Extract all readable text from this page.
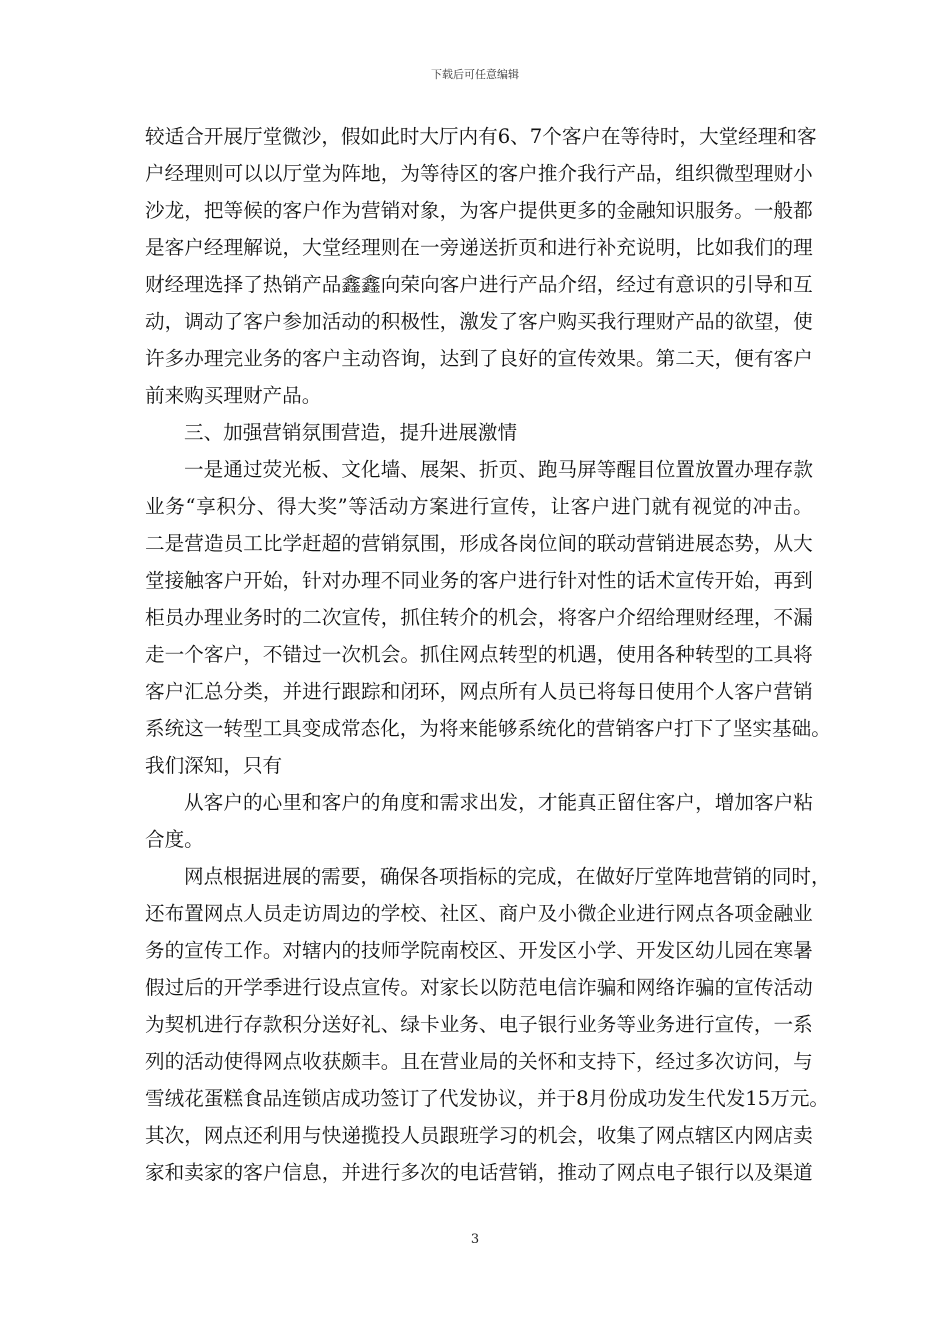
下载后可任意编辑
较 适 合 开 展 厅 堂 微 沙 ， 假 如 此 时 大 厅 内 有 6 、 7 个 客 户 在 等 待 时 ， 大 堂 经 理 和 客
户 经 理 则 可 以 以 厅 堂 为 阵 地 ， 为 等 待 区 的 客 户 推 介 我 行 产 品 ， 组 织 微 型 理 财 小
沙 龙 ， 把 等 候 的 客 户 作 为 营 销 对 象 ， 为 客 户 提 供 更 多 的 金 融 知 识 服 务 。 一 般 都
是 客 户 经 理 解 说 ， 大 堂 经 理 则 在 一 旁 递 送 折 页 和 进 行 补 充 说 明 ， 比 如 我 们 的 理
财 经 理 选 择 了 热 销 产 品 鑫 鑫 向 荣 向 客 户 进 行 产 品 介 绍 ， 经 过 有 意 识 的 引 导 和 互
动 ， 调 动 了 客 户 参 加 活 动 的 积 极 性 ， 激 发 了 客 户 购 买 我 行 理 财 产 品 的 欲 望 ， 使
许 多 办 理 完 业 务 的 客 户 主 动 咨 询 ， 达 到 了 良 好 的 宣 传 效 果 。 第 二 天 ， 便 有 客 户
前来购买理财产品。
三、加强营销氛围营造，提升进展激情
一 是 通 过 荧 光 板 、 文 化 墙 、 展 架 、 折 页 、 跑 马 屏 等 醒 目 位 置 放 置 办 理 存 款
业 务 “ 享 积 分 、 得 大 奖 ” 等 活 动 方 案 进 行 宣 传 ， 让 客 户 进 门 就 有 视 觉 的 冲 击 。
二 是 营 造 员 工 比 学 赶 超 的 营 销 氛 围 ， 形 成 各 岗 位 间 的 联 动 营 销 进 展 态 势 ， 从 大
堂 接 触 客 户 开 始 ， 针 对 办 理 不 同 业 务 的 客 户 进 行 针 对 性 的 话 术 宣 传 开 始 ， 再 到
柜 员 办 理 业 务 时 的 二 次 宣 传 ， 抓 住 转 介 的 机 会 ， 将 客 户 介 绍 给 理 财 经 理 ， 不 漏
走 一 个 客 户 ， 不 错 过 一 次 机 会 。 抓 住 网 点 转 型 的 机 遇 ， 使 用 各 种 转 型 的 工 具 将
客 户 汇 总 分 类 ， 并 进 行 跟 踪 和 闭 环 ， 网 点 所 有 人 员 已 将 每 日 使 用 个 人 客 户 营 销
系 统 这 一 转 型 工 具 变 成 常 态 化 ， 为 将 来 能 够 系 统 化 的 营 销 客 户 打 下 了 坚 实 基 础 。
我们深知，只有
从 客 户 的 心 里 和 客 户 的 角 度 和 需 求 出 发 ， 才 能 真 正 留 住 客 户 ， 增 加 客 户 粘
合度。
网 点 根 据 进 展 的 需 要 ， 确 保 各 项 指 标 的 完 成 ， 在 做 好 厅 堂 阵 地 营 销 的 同 时 ，
还 布 置 网 点 人 员 走 访 周 边 的 学 校 、 社 区 、 商 户 及 小 微 企 业 进 行 网 点 各 项 金 融 业
务 的 宣 传 工 作 。 对 辖 内 的 技 师 学 院 南 校 区 、 开 发 区 小 学 、 开 发 区 幼 儿 园 在 寒 暑
假 过 后 的 开 学 季 进 行 设 点 宣 传 。 对 家 长 以 防 范 电 信 诈 骗 和 网 络 诈 骗 的 宣 传 活 动
为 契 机 进 行 存 款 积 分 送 好 礼 、 绿 卡 业 务 、 电 子 银 行 业 务 等 业 务 进 行 宣 传 ， 一 系
列 的 活 动 使 得 网 点 收 获 颇 丰 。 且 在 营 业 局 的 关 怀 和 支 持 下 ， 经 过 多 次 访 问 ， 与
雪 绒 花 蛋 糕 食 品 连 锁 店 成 功 签 订 了 代 发 协 议 ， 并 于 8 月 份 成 功 发 生 代 发 1 5 万 元 。
其 次 ， 网 点 还 利 用 与 快 递 揽 投 人 员 跟 班 学 习 的 机 会 ， 收 集 了 网 点 辖 区 内 网 店 卖
家 和 卖 家 的 客 户 信 息 ， 并 进 行 多 次 的 电 话 营 销 ， 推 动 了 网 点 电 子 银 行 以 及 渠 道
3
